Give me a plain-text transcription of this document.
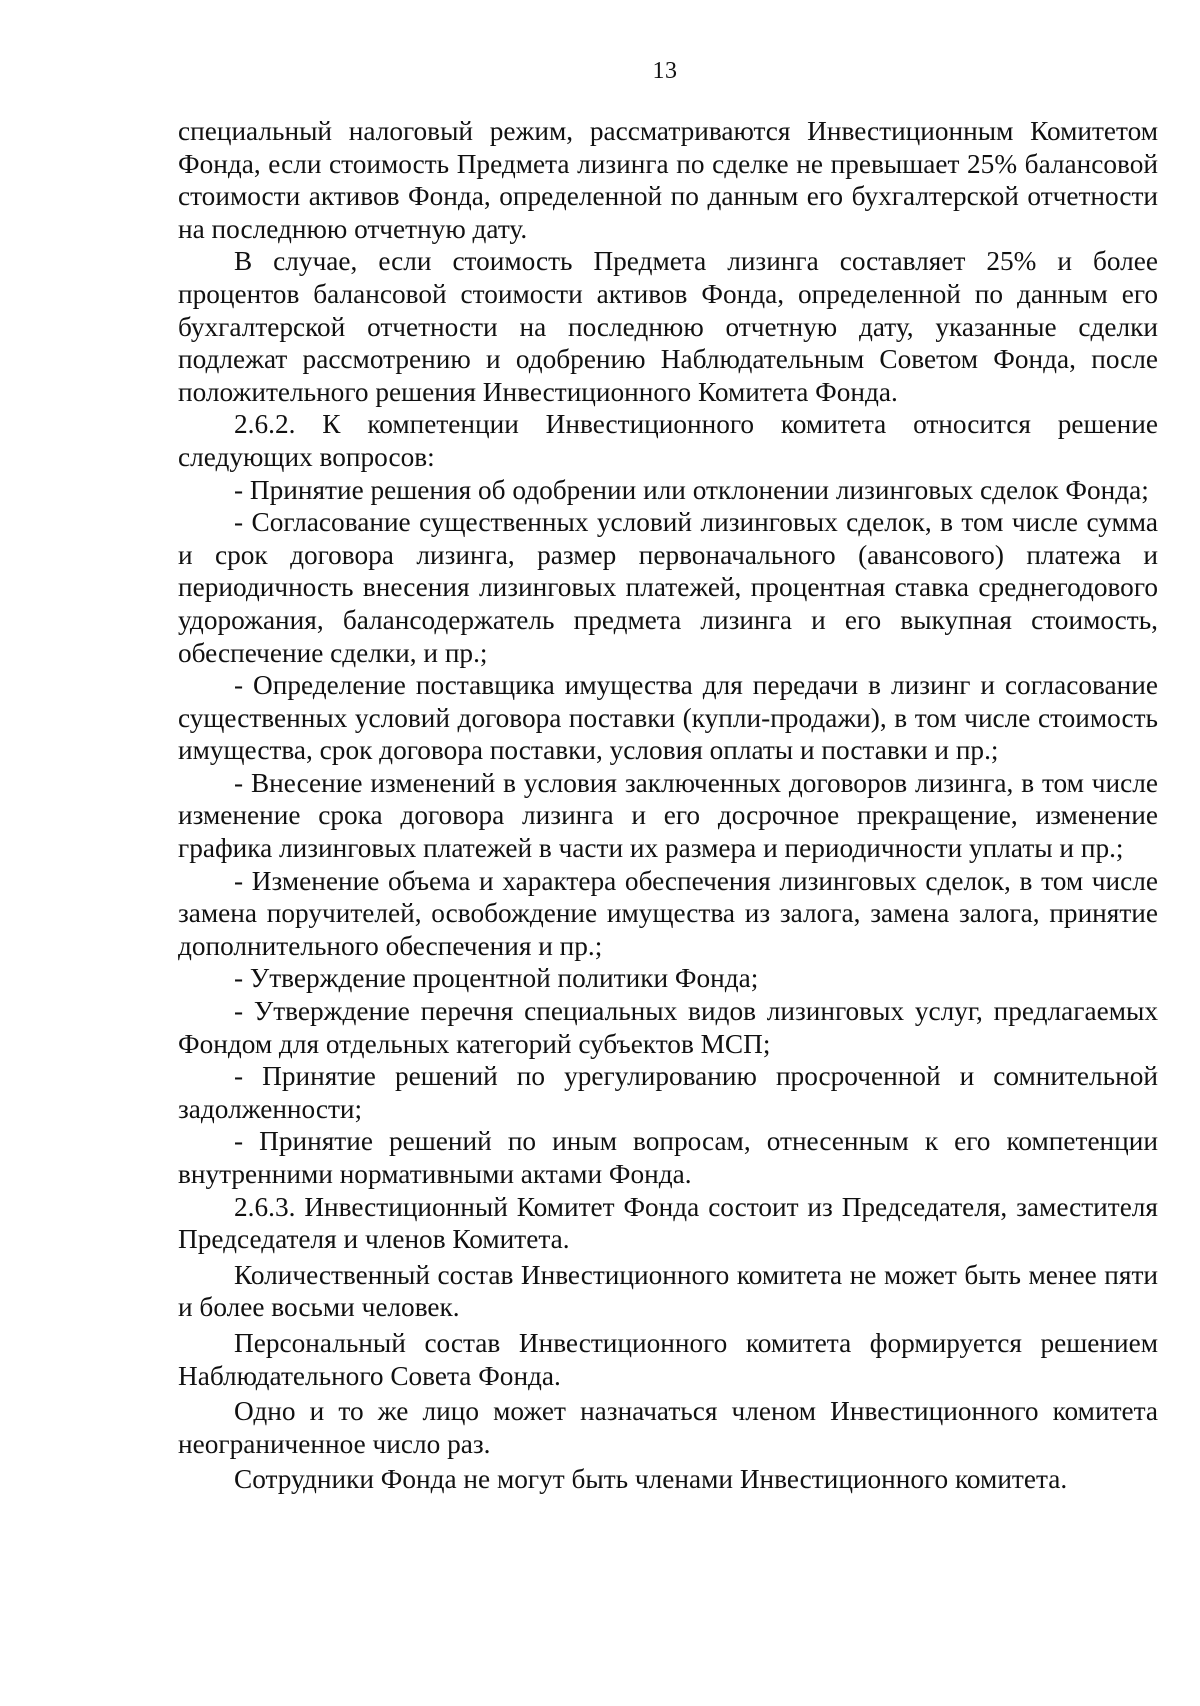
13

специальный налоговый режим, рассматриваются Инвестиционным Комитетом Фонда, если стоимость Предмета лизинга по сделке не превышает 25% балансовой стоимости активов Фонда, определенной по данным его бухгалтерской отчетности на последнюю отчетную дату.

В случае, если стоимость Предмета лизинга составляет 25% и более процентов балансовой стоимости активов Фонда, определенной по данным его бухгалтерской отчетности на последнюю отчетную дату, указанные сделки подлежат рассмотрению и одобрению Наблюдательным Советом Фонда, после положительного решения Инвестиционного Комитета Фонда.

2.6.2. К компетенции Инвестиционного комитета относится решение следующих вопросов:

- Принятие решения об одобрении или отклонении лизинговых сделок Фонда;

- Согласование существенных условий лизинговых сделок, в том числе сумма и срок договора лизинга, размер первоначального (авансового) платежа и периодичность внесения лизинговых платежей, процентная ставка среднегодового удорожания, балансодержатель предмета лизинга и его выкупная стоимость, обеспечение сделки, и пр.;

- Определение поставщика имущества для передачи в лизинг и согласование существенных условий договора поставки (купли-продажи), в том числе стоимость имущества, срок договора поставки, условия оплаты и поставки и пр.;

- Внесение изменений в условия заключенных договоров лизинга, в том числе изменение срока договора лизинга и его досрочное прекращение, изменение графика лизинговых платежей в части их размера и периодичности уплаты и пр.;

- Изменение объема и характера обеспечения лизинговых сделок, в том числе замена поручителей, освобождение имущества из залога, замена залога, принятие дополнительного обеспечения и пр.;

- Утверждение процентной политики Фонда;

- Утверждение перечня специальных видов лизинговых услуг, предлагаемых Фондом для отдельных категорий субъектов МСП;

- Принятие решений по урегулированию просроченной и сомнительной задолженности;

- Принятие решений по иным вопросам, отнесенным к его компетенции внутренними нормативными актами Фонда.

2.6.3. Инвестиционный Комитет Фонда состоит из Председателя, заместителя Председателя и членов Комитета.

Количественный состав Инвестиционного комитета не может быть менее пяти и более восьми человек.

Персональный состав Инвестиционного комитета формируется решением Наблюдательного Совета Фонда.

Одно и то же лицо может назначаться членом Инвестиционного комитета неограниченное число раз.

Сотрудники Фонда не могут быть членами Инвестиционного комитета.
